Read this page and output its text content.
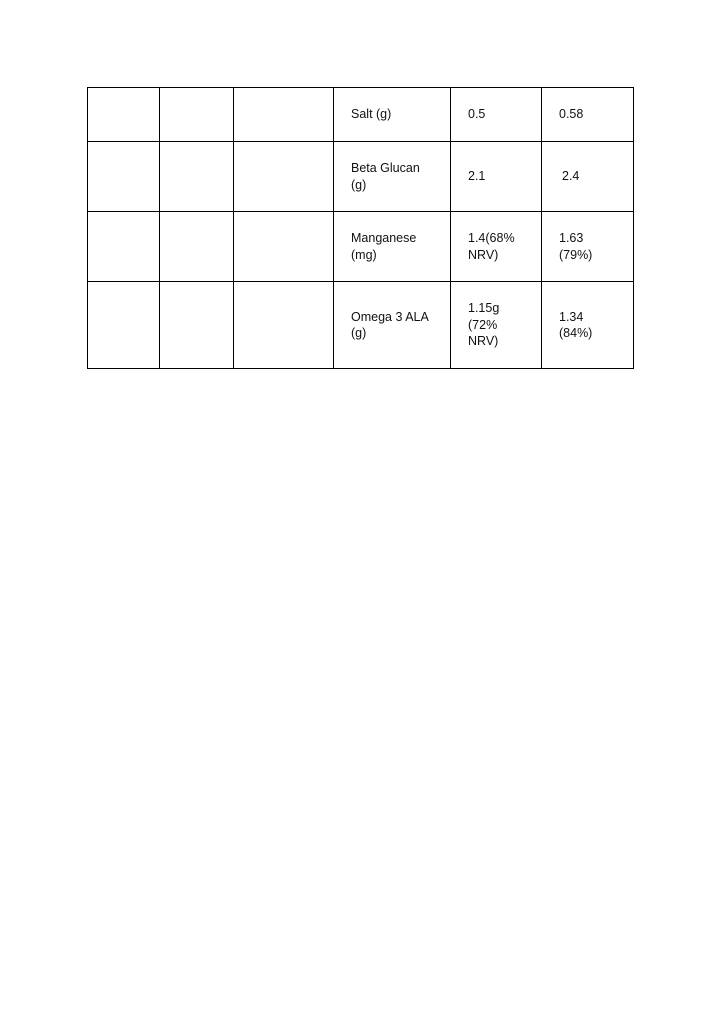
			Salt (g)	0.5	0.58

			Beta Glucan (g)	2.1	2.4

			Manganese (mg)	1.4(68% NRV)	1.63 (79%)

			Omega 3 ALA (g)	1.15g (72% NRV)	1.34 (84%)
